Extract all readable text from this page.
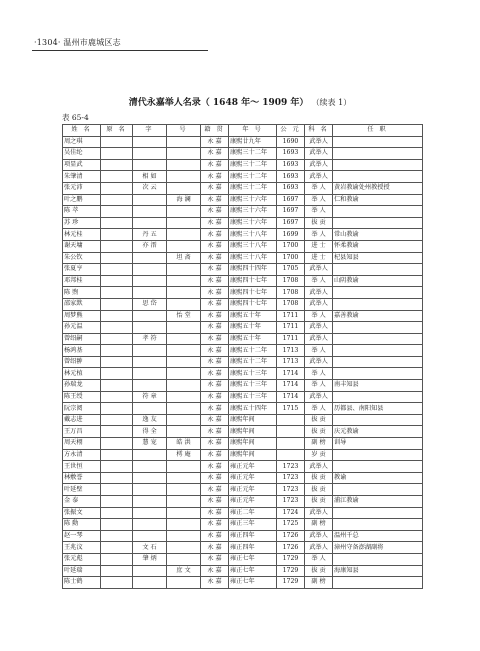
·1304· 温州市鹿城区志
清代永嘉举人名录（ 1648 年～ 1909 年） （续表 1）
表 65-4
姓 名	原 名	字	号	籍 贯	年 号	公 元	科 名	任 职
周之琪				永 嘉	康熙廿九年	1690	武举人	
吴佳纶				永 嘉	康熙三十二年	1693	武举人	
项显武				永 嘉	康熙三十二年	1693	武举人	
朱肇清		相 如		永 嘉	康熙三十二年	1693	武举人	
张元沛		次 云		永 嘉	康熙三十二年	1693	举 人	黄岩教谕处州教授授
叶之鹏			海 澜	永 嘉	康熙三十六年	1697	举 人	仁和教谕
陈 萃				永 嘉	康熙三十六年	1697	举 人	
苏 珍				永 嘉	康熙三十六年	1697	拔 贡	
林元桂		丹 五		永 嘉	康熙三十八年	1699	举 人	常山教谕
谢天墉		亦 溍		永 嘉	康熙三十八年	1700	进 士	怀柔教谕
朱公钦			坦 斋	永 嘉	康熙三十八年	1700	进 士	杞县知县
张夏亨				永 嘉	康熙四十四年	1705	武举人	
邓邦桂				永 嘉	康熙四十七年	1708	举 人	山阴教谕
陈 煦				永 嘉	康熙四十七年	1708	武举人	
邵家默		思 岱		永 嘉	康熙四十七年	1708	武举人	
周梦熊			怡 堂	永 嘉	康熙五十年	1711	举 人	嘉善教谕
孙元温				永 嘉	康熙五十年	1711	武举人	
曾绍嗣		孝 符		永 嘉	康熙五十年	1711	武举人	
杨鸿基				永 嘉	康熙五十二年	1713	举 人	
曾绍翀				永 嘉	康熙五十二年	1713	武举人	
林元植				永 嘉	康熙五十三年	1714	举 人	
孙瑞龙				永 嘉	康熙五十三年	1714	举 人	南丰知县
陈王绶		符 章		永 嘉	康熙五十三年	1714	武举人	
阮宗阅				永 嘉	康熙五十四年	1715	举 人	历都县、南阳知县
戴志进		逸 友		永 嘉	康熙年间		拔 贡	
王万昌		得 全		永 嘉	康熙年间		拔 贡	庆元教谕
周天栩		慧 宠	皓 洪	永 嘉	康熙年间		副 榜	训导
方永清			樗 庵	永 嘉	康熙年间		岁 贡	
王世恒				永 嘉	雍正元年	1723	武举人	
林敷誉				永 嘉	雍正元年	1723	拔 贡	教谕
叶延壁				永 嘉	雍正元年	1723	拔 贡	
金 泰				永 嘉	雍正元年	1723	拔 贡	浦江教谕
张振文				永 嘉	雍正二年	1724	武举人	
陈 勳				永 嘉	雍正三年	1725	副 榜	
赵一琴				永 嘉	雍正四年	1726	武举人	温州千总
王兆汶		文 石		永 嘉	雍正四年	1726	武举人	漳州守备澎湖副将
张元彪		肇 炳		永 嘉	雍正七年	1729	举 人	
叶延瑞			庶 文	永 嘉	雍正七年	1729	拔 贡	海康知县
陈士鹤				永 嘉	雍正七年	1729	副 榜	
